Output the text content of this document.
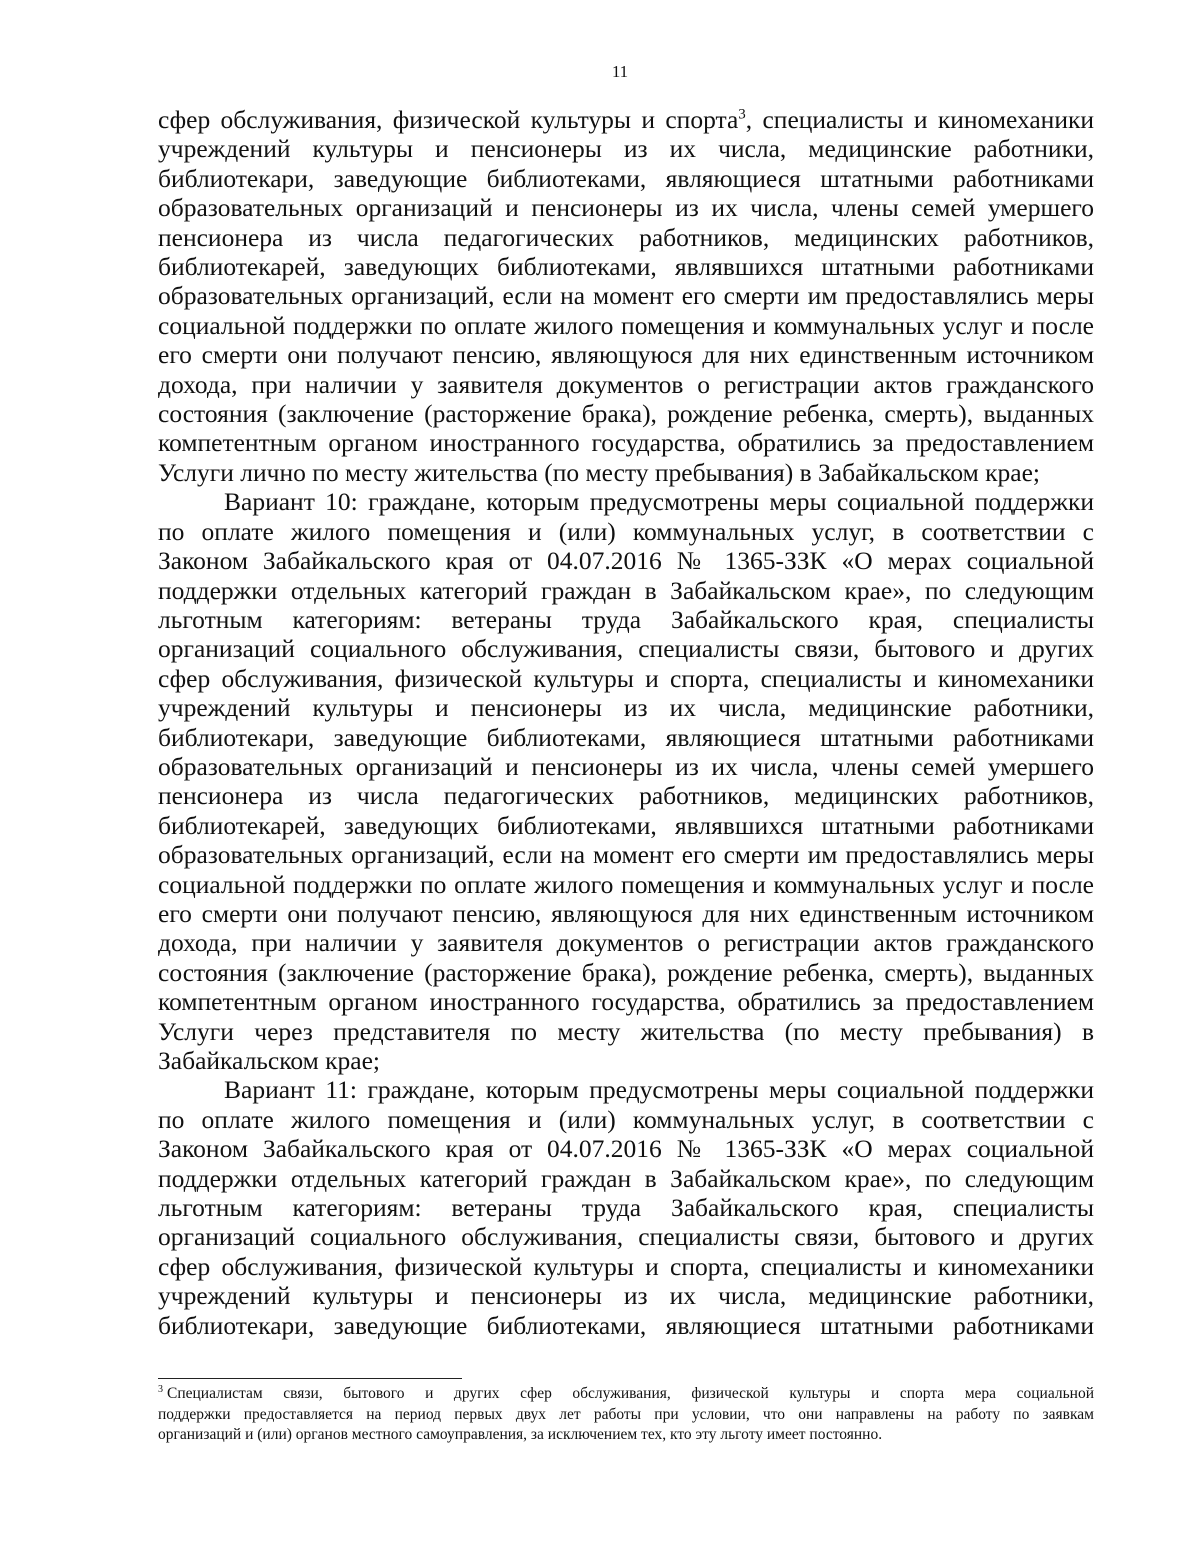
11
сфер обслуживания, физической культуры и спорта$^3$, специалисты и киномеханики
учреждений культуры и пенсионеры из их числа, медицинские работники,
библиотекари, заведующие библиотеками, являющиеся штатными работниками
образовательных организаций и пенсионеры из их числа, члены семей умершего
пенсионера из числа педагогических работников, медицинских работников,
библиотекарей, заведующих библиотеками, являвшихся штатными работниками
образовательных организаций, если на момент его смерти им предоставлялись меры
социальной поддержки по оплате жилого помещения и коммунальных услуг и после
его смерти они получают пенсию, являющуюся для них единственным источником
дохода, при наличии у заявителя документов о регистрации актов гражданского
состояния (заключение (расторжение брака), рождение ребенка, смерть), выданных
компетентным органом иностранного государства, обратились за предоставлением
Услуги лично по месту жительства (по месту пребывания) в Забайкальском крае;
Вариант 10: граждане, которым предусмотрены меры социальной поддержки
по оплате жилого помещения и (или) коммунальных услуг, в соответствии с
Законом Забайкальского края от 04.07.2016 № 1365-ЗЗК «О мерах социальной
поддержки отдельных категорий граждан в Забайкальском крае», по следующим
льготным категориям: ветераны труда Забайкальского края, специалисты
организаций социального обслуживания, специалисты связи, бытового и других
сфер обслуживания, физической культуры и спорта, специалисты и киномеханики
учреждений культуры и пенсионеры из их числа, медицинские работники,
библиотекари, заведующие библиотеками, являющиеся штатными работниками
образовательных организаций и пенсионеры из их числа, члены семей умершего
пенсионера из числа педагогических работников, медицинских работников,
библиотекарей, заведующих библиотеками, являвшихся штатными работниками
образовательных организаций, если на момент его смерти им предоставлялись меры
социальной поддержки по оплате жилого помещения и коммунальных услуг и после
его смерти они получают пенсию, являющуюся для них единственным источником
дохода, при наличии у заявителя документов о регистрации актов гражданского
состояния (заключение (расторжение брака), рождение ребенка, смерть), выданных
компетентным органом иностранного государства, обратились за предоставлением
Услуги через представителя по месту жительства (по месту пребывания) в
Забайкальском крае;
Вариант 11: граждане, которым предусмотрены меры социальной поддержки
по оплате жилого помещения и (или) коммунальных услуг, в соответствии с
Законом Забайкальского края от 04.07.2016 № 1365-ЗЗК «О мерах социальной
поддержки отдельных категорий граждан в Забайкальском крае», по следующим
льготным категориям: ветераны труда Забайкальского края, специалисты
организаций социального обслуживания, специалисты связи, бытового и других
сфер обслуживания, физической культуры и спорта, специалисты и киномеханики
учреждений культуры и пенсионеры из их числа, медицинские работники,
библиотекари, заведующие библиотеками, являющиеся штатными работниками
$^3$ Специалистам связи, бытового и других сфер обслуживания, физической культуры и спорта мера социальной
поддержки предоставляется на период первых двух лет работы при условии, что они направлены на работу по заявкам
организаций и (или) органов местного самоуправления, за исключением тех, кто эту льготу имеет постоянно.
